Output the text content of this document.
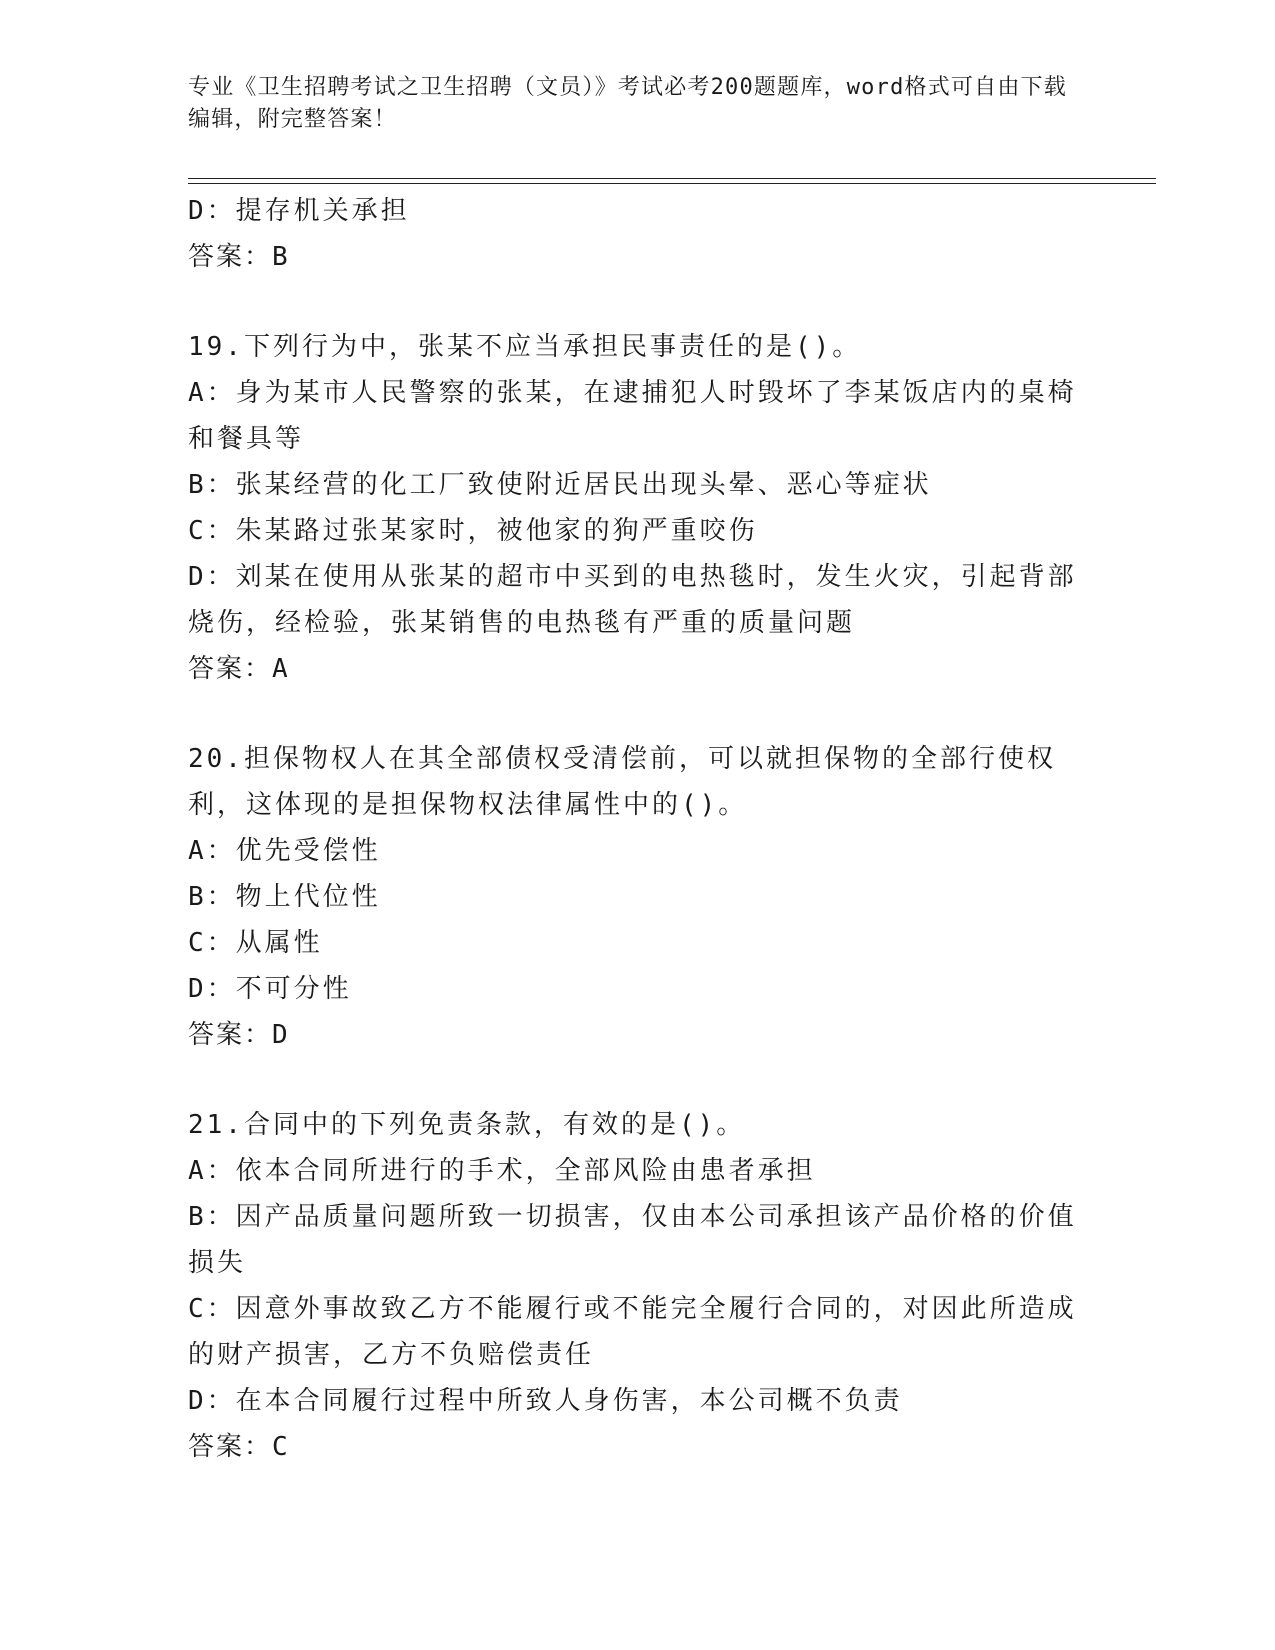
专业《卫生招聘考试之卫生招聘（文员）》考试必考200题题库，word格式可自由下载编辑，附完整答案！
D：提存机关承担
答案：B
19.下列行为中，张某不应当承担民事责任的是()。
A：身为某市人民警察的张某，在逮捕犯人时毁坏了李某饭店内的桌椅和餐具等
B：张某经营的化工厂致使附近居民出现头晕、恶心等症状
C：朱某路过张某家时，被他家的狗严重咬伤
D：刘某在使用从张某的超市中买到的电热毯时，发生火灾，引起背部烧伤，经检验，张某销售的电热毯有严重的质量问题
答案：A
20.担保物权人在其全部债权受清偿前，可以就担保物的全部行使权利，这体现的是担保物权法律属性中的()。
A：优先受偿性
B：物上代位性
C：从属性
D：不可分性
答案：D
21.合同中的下列免责条款，有效的是()。
A：依本合同所进行的手术，全部风险由患者承担
B：因产品质量问题所致一切损害，仅由本公司承担该产品价格的价值损失
C：因意外事故致乙方不能履行或不能完全履行合同的，对因此所造成的财产损害，乙方不负赔偿责任
D：在本合同履行过程中所致人身伤害，本公司概不负责
答案：C
